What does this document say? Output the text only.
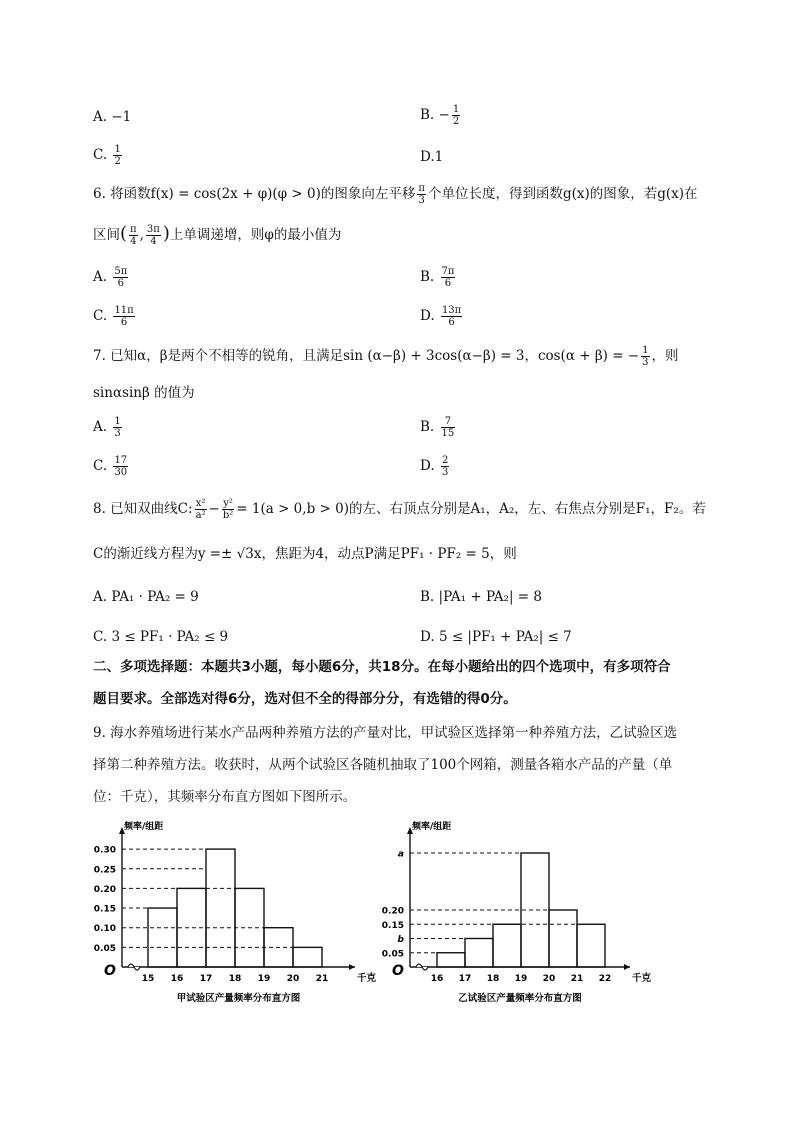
A. −1	B. − $\frac{1}{2}$
C. $\frac{1}{2}$	D.1
6. 将函数f(x) = cos(2x + φ)(φ > 0)的图象向左平移 $\frac{\pi}{3}$ 个单位长度，得到函数g(x)的图象，若g(x)在
区间( $\frac{\pi}{4}$ , $\frac{3\pi}{4}$ )上单调递增，则φ的最小值为
A. $\frac{5\pi}{6}$	B. $\frac{7\pi}{6}$
C. $\frac{11\pi}{6}$	D. $\frac{13\pi}{6}$
7. 已知α，β是两个不相等的锐角，且满足sin (α−β) + 3cos(α−β) = 3，cos(α + β) = − $\frac{1}{3}$ ，则
sinαsinβ 的值为
A. $\frac{1}{3}$	B. $\frac{7}{15}$
C. $\frac{17}{30}$	D. $\frac{2}{3}$
8. 已知双曲线C: $\frac{\text{x²}}{\text{a²}} - \frac{\text{y²}}{\text{b²}} = 1(a > 0,b > 0)$的左、右顶点分别是A₁，A₂，左、右焦点分别是F₁，F₂。若
C的渐近线方程为y =± √3x，焦距为4，动点P满足PF₁ · PF₂ = 5，则
A. PA₁ · PA₂ = 9	B. |PA₁ + PA₂| = 8
C. 3 ≤ PF₁ · PA₂ ≤ 9	D. 5 ≤ |PF₁ + PA₂| ≤ 7
二、多项选择题：本题共3小题，每小题6分，共18分。在每小题给出的四个选项中，有多项符合
题目要求。全部选对得6分，选对但不全的得部分分，有选错的得0分。
9. 海水养殖场进行某水产品两种养殖方法的产量对比，甲试验区选择第一种养殖方法，乙试验区选
择第二种养殖方法。收获时，从两个试验区各随机抽取了100个网箱，测量各箱水产品的产量（单
位：千克），其频率分布直方图如下图所示。
0.30
0.25
0.20
0.15
0.10
0.05
15 16 17 18 19 20 21
O
频率/组距
千克
甲试验区产量频率分布直方图
a
0.20
0.15
b
0.05
16 17 18 19 20 21 22
O
频率/组距
千克
乙试验区产量频率分布直方图
